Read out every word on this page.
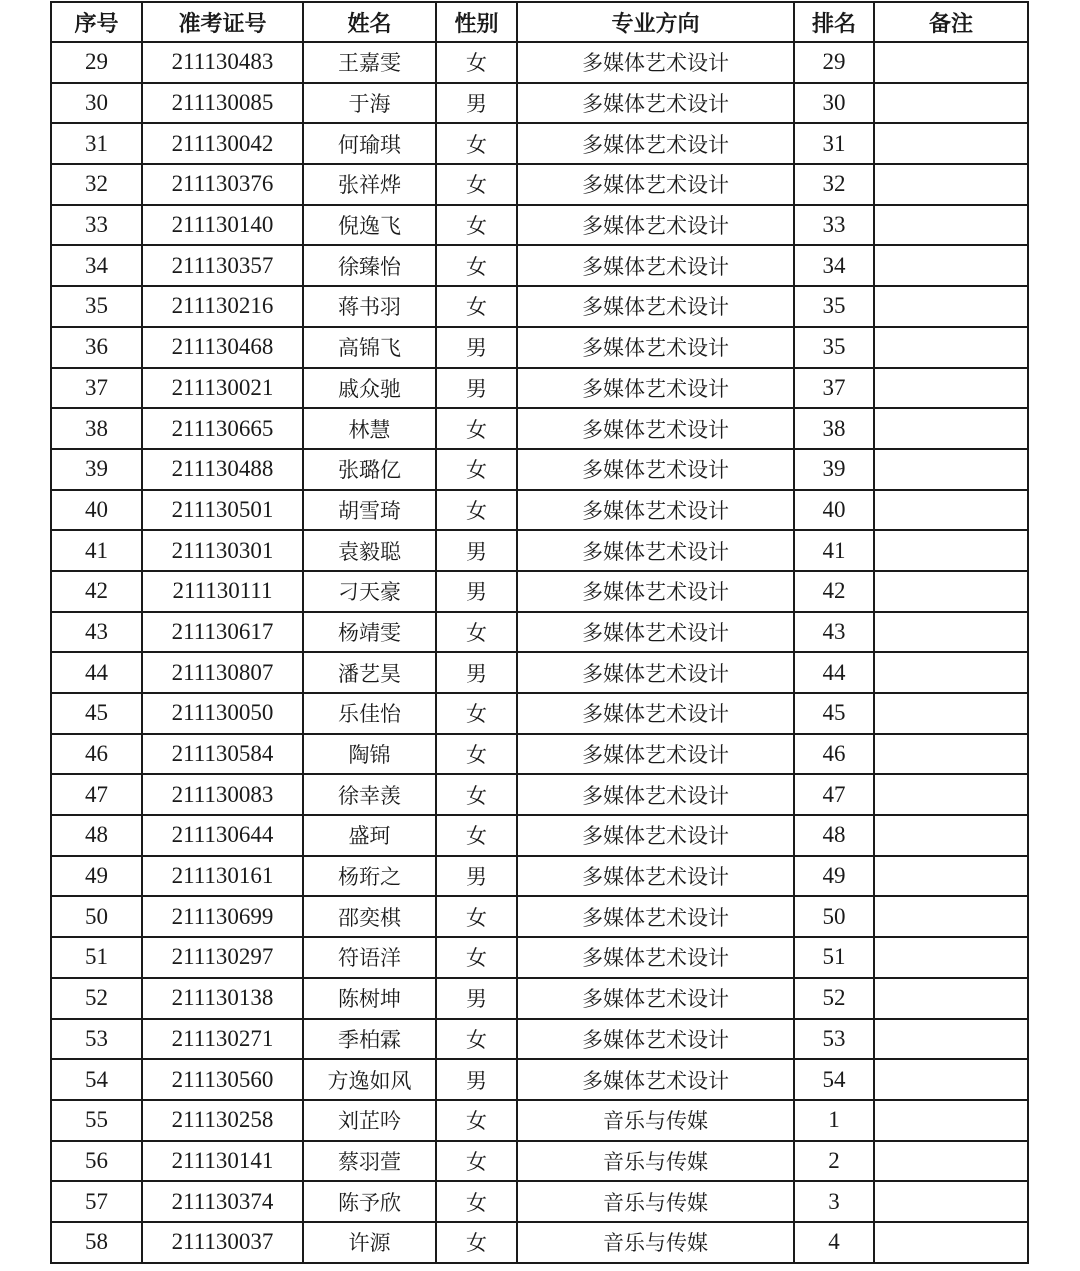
序号	准考证号	姓名	性别	专业方向	排名	备注
29	211130483	王嘉雯	女	多媒体艺术设计	29	
30	211130085	于海	男	多媒体艺术设计	30	
31	211130042	何瑜琪	女	多媒体艺术设计	31	
32	211130376	张祥烨	女	多媒体艺术设计	32	
33	211130140	倪逸飞	女	多媒体艺术设计	33	
34	211130357	徐臻怡	女	多媒体艺术设计	34	
35	211130216	蒋书羽	女	多媒体艺术设计	35	
36	211130468	高锦飞	男	多媒体艺术设计	35	
37	211130021	戚众驰	男	多媒体艺术设计	37	
38	211130665	林慧	女	多媒体艺术设计	38	
39	211130488	张璐亿	女	多媒体艺术设计	39	
40	211130501	胡雪琦	女	多媒体艺术设计	40	
41	211130301	袁毅聪	男	多媒体艺术设计	41	
42	211130111	刁天豪	男	多媒体艺术设计	42	
43	211130617	杨靖雯	女	多媒体艺术设计	43	
44	211130807	潘艺昊	男	多媒体艺术设计	44	
45	211130050	乐佳怡	女	多媒体艺术设计	45	
46	211130584	陶锦	女	多媒体艺术设计	46	
47	211130083	徐幸羡	女	多媒体艺术设计	47	
48	211130644	盛珂	女	多媒体艺术设计	48	
49	211130161	杨珩之	男	多媒体艺术设计	49	
50	211130699	邵奕棋	女	多媒体艺术设计	50	
51	211130297	符语洋	女	多媒体艺术设计	51	
52	211130138	陈树坤	男	多媒体艺术设计	52	
53	211130271	季柏霖	女	多媒体艺术设计	53	
54	211130560	方逸如风	男	多媒体艺术设计	54	
55	211130258	刘芷吟	女	音乐与传媒	1	
56	211130141	蔡羽萱	女	音乐与传媒	2	
57	211130374	陈予欣	女	音乐与传媒	3	
58	211130037	许源	女	音乐与传媒	4	
